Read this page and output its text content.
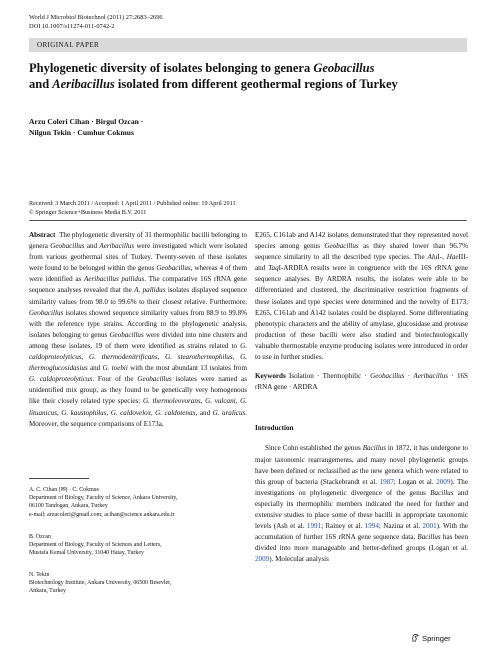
World J Microbiol Biotechnol (2011) 27:2683–2696
DOI 10.1007/s11274-011-0742-2
ORIGINAL PAPER
Phylogenetic diversity of isolates belonging to genera Geobacillus
and Aeribacillus isolated from different geothermal regions of Turkey
Arzu Coleri Cihan · Birgul Ozcan ·
Nilgun Tekin · Cumhur Cokmus
Received: 3 March 2011 / Accepted: 1 April 2011 / Published online: 19 April 2011
© Springer Science+Business Media B.V. 2011

Abstract The phylogenetic diversity of 31 thermophilic bacilli belonging to genera Geobacillus and Aeribacillus were investigated which were isolated from various geothermal sites of Turkey. Twenty-seven of these isolates were found to be belonged within the genus Geobacillus, whereas 4 of them were identified as Aeribacillus pallidus. The comparative 16S rRNA gene sequence analyses revealed that the A. pallidus isolates displayed sequence similarity values from 98.0 to 99.6% to their closest relative. Furthermore, Geobacillus isolates showed sequence similarity values from 88.9 to 99.8% with the reference type strains. According to the phylogenetic analysis, isolates belonging to genus Geobacillus were divided into nine clusters and among these isolates, 19 of them were identified as strains related to G. caldoproteolyticus, G. thermodenitrificans, G. stearothermophilus, G. thermoglucosidasius and G. toebii with the most abundant 13 isolates from G. caldoproteolyticus. Four of the Geobacillus isolates were named as unidentified mix group, as they found to be genetically very homogenous like their closely related type species: G. thermoleovorans, G. vulcani, G. lituanicus, G. kaustophilus, G. caldovelox, G. caldotenax, and G. uralicus. Moreover, the sequence comparisons of E173a,

E265, C161ab and A142 isolates demonstrated that they represented novel species among genus Geobacillus as they shared lower than 96.7% sequence similarity to all the described type species. The AluI-, HaeIII- and TaqI-ARDRA results were in congruence with the 16S rRNA gene sequence analyses. By ARDRA results, the isolates were able to be differentiated and clustered, the discriminative restriction fragments of these isolates and type species were determined and the novelty of E173, E265, C161ab and A142 isolates could be displayed. Some differentiating phenotypic characters and the ability of amylase, glucosidase and protease production of these bacilli were also studied and biotechnologically valuable thermostable enzyme producing isolates were introduced in order to use in further studies.

Keywords Isolation · Thermophilic · Geobacillus · Aeribacillus · 16S rRNA gene · ARDRA

Introduction

Since Cohn established the genus Bacillus in 1872, it has undergone to major taxonomic rearrangements, and many novel phylogenetic groups have been defined or reclassified as the new genera which were related to this group of bacteria (Stackebrandt et al. 1987; Logan et al. 2009). The investigations on phylogenetic divergence of the genus Bacillus and especially its thermophilic members indicated the need for further and extensive studies to place some of these bacilli in appropriate taxonomic levels (Ash et al. 1991; Rainey et al. 1994; Nazina et al. 2001). With the accumulation of further 16S rRNA gene sequence data, Bacillus has been divided into more manageable and better-defined groups (Logan et al. 2009). Molecular analysis

A. C. Cihan (✉) · C. Cokmus
Department of Biology, Faculty of Science, Ankara University,
06100 Tandogan, Ankara, Turkey
e-mail: arzucoleri@gmail.com; acihan@science.ankara.edu.tr
B. Ozcan
Department of Biology, Faculty of Sciences and Letters,
Mustafa Kemal University, 31040 Hatay, Turkey
N. Tekin
Biotechnology Institute, Ankara University, 06500 Besevler,
Ankara, Turkey
Springer
